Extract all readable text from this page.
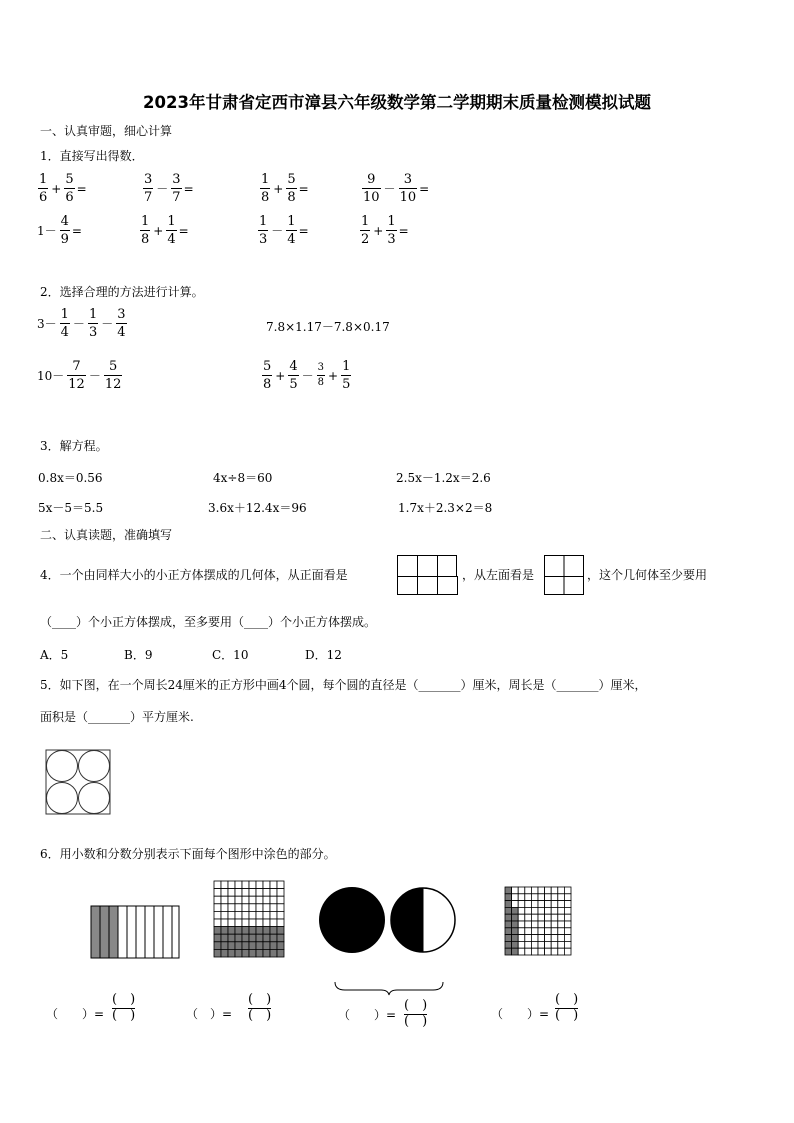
2023年甘肃省定西市漳县六年级数学第二学期期末质量检测模拟试题
一、认真审题，细心计算
1．直接写出得数．
$\frac{1}{6} + \frac{5}{6}$ =	$\frac{3}{7} - \frac{3}{7}$ =	$\frac{1}{8} + \frac{5}{8}$ =	$\frac{9}{10} - \frac{3}{10}$ =
$1- \frac{4}{9}$ =	$\frac{1}{8} + \frac{1}{4}$ =	$\frac{1}{3} - \frac{1}{4}$ =	$\frac{1}{2} + \frac{1}{3}$ =
2．选择合理的方法进行计算。
$3- \frac{1}{4} - \frac{1}{3} - \frac{3}{4}$	7.8×1.17－7.8×0.17
$10- \frac{7}{12} - \frac{5}{12}$	$\frac{5}{8} + \frac{4}{5} - \frac{3}{8} + \frac{1}{5}$
3．解方程。
0.8x＝0.56	4x÷8＝60	2.5x－1.2x＝2.6
5x－5＝5.5	3.6x＋12.4x＝96	1.7x＋2.3×2＝8
二、认真读题，准确填写
4．一个由同样大小的小正方体摆成的几何体，从正面看是	，从左面看是	，这个几何体至少要用
（____）个小正方体摆成，至多要用（____）个小正方体摆成。
A．5	B．9	C．10	D．12
5．如下图，在一个周长24厘米的正方形中画4个圆，每个圆的直径是（_______）厘米，周长是（_______）厘米，
面积是（_______）平方厘米.
6．用小数和分数分别表示下面每个图形中涂色的部分。
（　　）=
(　)
(　)	（　）=
(　)
(　)	（　　）=
(　)
(　)	（　　）=
(　)
(　)
